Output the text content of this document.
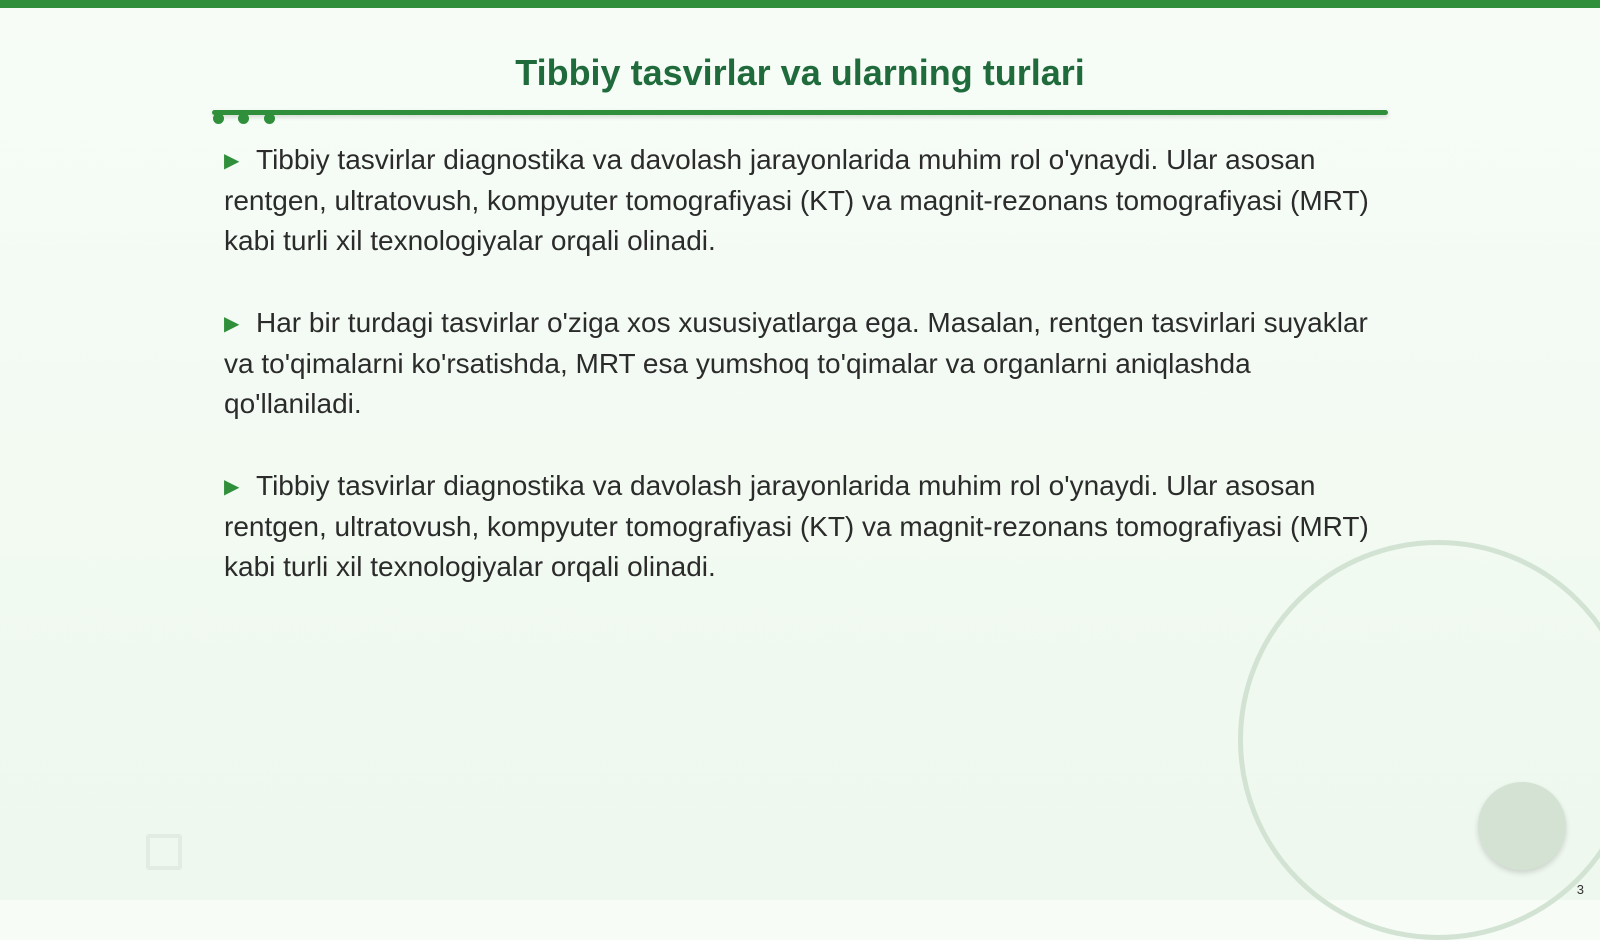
Tibbiy tasvirlar va ularning turlari

▶ Tibbiy tasvirlar diagnostika va davolash jarayonlarida muhim rol o'ynaydi. Ular asosan rentgen, ultratovush, kompyuter tomografiyasi (KT) va magnit-rezonans tomografiyasi (MRT) kabi turli xil texnologiyalar orqali olinadi.

▶ Har bir turdagi tasvirlar o'ziga xos xususiyatlarga ega. Masalan, rentgen tasvirlari suyaklar va to'qimalarni ko'rsatishda, MRT esa yumshoq to'qimalar va organlarni aniqlashda qo'llaniladi.

▶ Tibbiy tasvirlar diagnostika va davolash jarayonlarida muhim rol o'ynaydi. Ular asosan rentgen, ultratovush, kompyuter tomografiyasi (KT) va magnit-rezonans tomografiyasi (MRT) kabi turli xil texnologiyalar orqali olinadi.

3
